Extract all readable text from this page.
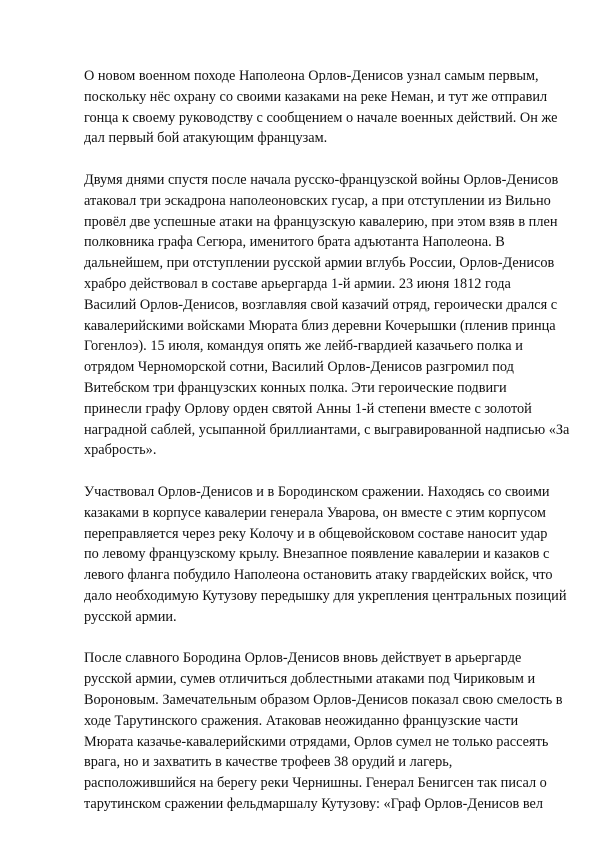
О новом военном походе Наполеона Орлов-Денисов узнал самым первым,
поскольку нёс охрану со своими казаками на реке Неман, и тут же отправил
гонца к своему руководству с сообщением о начале военных действий. Он же
дал первый бой атакующим французам.

Двумя днями спустя после начала русско-французской войны Орлов-Денисов
атаковал три эскадрона наполеоновских гусар, а при отступлении из Вильно
провёл две успешные атаки на французскую кавалерию, при этом взяв в плен
полковника графа Сегюра, именитого брата адъютанта Наполеона. В
дальнейшем, при отступлении русской армии вглубь России, Орлов-Денисов
храбро действовал в составе арьергарда 1-й армии. 23 июня 1812 года
Василий Орлов-Денисов, возглавляя свой казачий отряд, героически дрался с
кавалерийскими войсками Мюрата близ деревни Кочерышки (пленив принца
Гогенлоэ). 15 июля, командуя опять же лейб-гвардией казачьего полка и
отрядом Черноморской сотни, Василий Орлов-Денисов разгромил под
Витебском три французских конных полка. Эти героические подвиги
принесли графу Орлову орден святой Анны 1-й степени вместе с золотой
наградной саблей, усыпанной бриллиантами, с выгравированной надписью «За
храбрость».

Участвовал Орлов-Денисов и в Бородинском сражении. Находясь со своими
казаками в корпусе кавалерии генерала Уварова, он вместе с этим корпусом
переправляется через реку Колочу и в общевойсковом составе наносит удар
по левому французскому крылу. Внезапное появление кавалерии и казаков с
левого фланга побудило Наполеона остановить атаку гвардейских войск, что
дало необходимую Кутузову передышку для укрепления центральных позиций
русской армии.

После славного Бородина Орлов-Денисов вновь действует в арьергарде
русской армии, сумев отличиться доблестными атаками под Чириковым и
Вороновым. Замечательным образом Орлов-Денисов показал свою смелость в
ходе Тарутинского сражения. Атаковав неожиданно французские части
Мюрата казачье-кавалерийскими отрядами, Орлов сумел не только рассеять
врага, но и захватить в качестве трофеев 38 орудий и лагерь,
расположившийся на берегу реки Чернишны. Генерал Бенигсен так писал о
тарутинском сражении фельдмаршалу Кутузову: «Граф Орлов-Денисов вел
